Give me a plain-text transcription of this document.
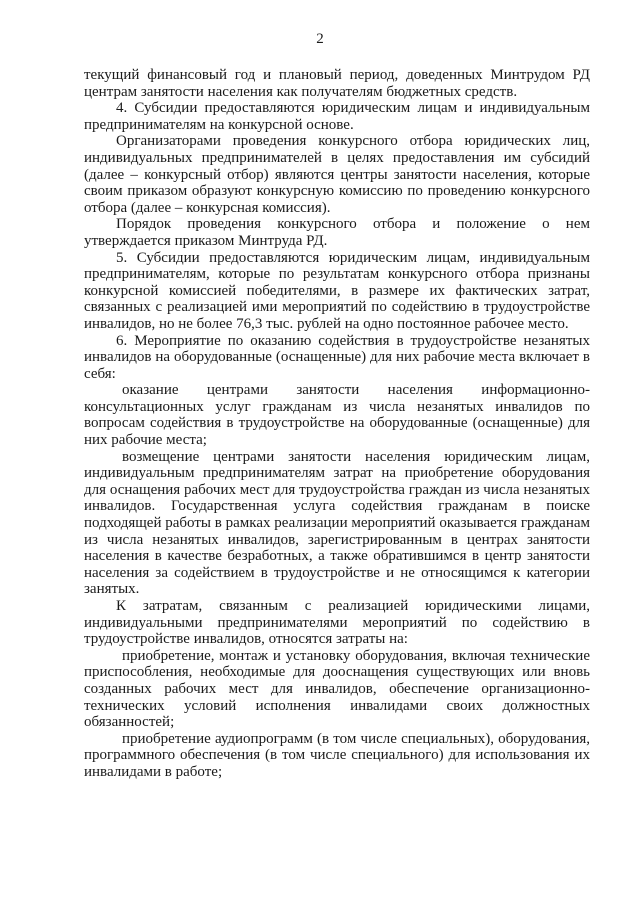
2

текущий финансовый год и плановый период, доведенных Минтрудом РД центрам занятости населения как получателям бюджетных средств.

4. Субсидии предоставляются юридическим лицам и индивидуальным предпринимателям на конкурсной основе.

Организаторами проведения конкурсного отбора юридических лиц, индивидуальных предпринимателей в целях предоставления им субсидий (далее – конкурсный отбор) являются центры занятости населения, которые своим приказом образуют конкурсную комиссию по проведению конкурсного отбора (далее – конкурсная комиссия).

Порядок проведения конкурсного отбора и положение о нем утверждается приказом Минтруда РД.

5. Субсидии предоставляются юридическим лицам, индивидуальным предпринимателям, которые по результатам конкурсного отбора признаны конкурсной комиссией победителями, в размере их фактических затрат, связанных с реализацией ими мероприятий по содействию в трудоустройстве инвалидов, но не более 76,3 тыс. рублей на одно постоянное рабочее место.

6. Мероприятие по оказанию содействия в трудоустройстве незанятых инвалидов на оборудованные (оснащенные) для них рабочие места включает в себя:

оказание центрами занятости населения информационно-консультационных услуг гражданам из числа незанятых инвалидов по вопросам содействия в трудоустройстве на оборудованные (оснащенные) для них рабочие места;

возмещение центрами занятости населения юридическим лицам, индивидуальным предпринимателям затрат на приобретение оборудования для оснащения рабочих мест для трудоустройства граждан из числа незанятых инвалидов. Государственная услуга содействия гражданам в поиске подходящей работы в рамках реализации мероприятий оказывается гражданам из числа незанятых инвалидов, зарегистрированным в центрах занятости населения в качестве безработных, а также обратившимся в центр занятости населения за содействием в трудоустройстве и не относящимся к категории занятых.

К затратам, связанным с реализацией юридическими лицами, индивидуальными предпринимателями мероприятий по содействию в трудоустройстве инвалидов, относятся затраты на:

приобретение, монтаж и установку оборудования, включая технические приспособления, необходимые для дооснащения существующих или вновь созданных рабочих мест для инвалидов, обеспечение организационно-технических условий исполнения инвалидами своих должностных обязанностей;

приобретение аудиопрограмм (в том числе специальных), оборудования, программного обеспечения (в том числе специального) для использования их инвалидами в работе;
